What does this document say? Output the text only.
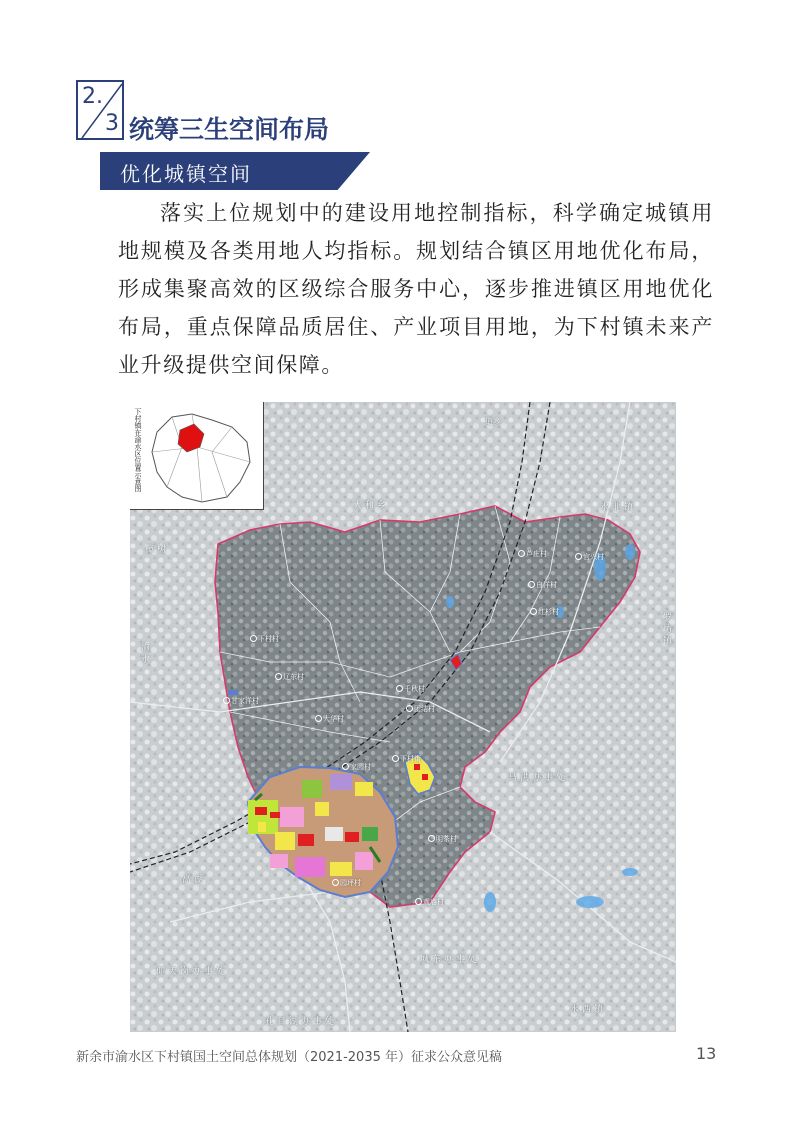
2.
3 统筹三生空间布局
优化城镇空间
落实上位规划中的建设用地控制指标，科学确定城镇用地规模及各类用地人均指标。规划结合镇区用地优化布局，形成集聚高效的区级综合服务中心，逐步推进镇区用地优化布局，重点保障品质居住、产业项目用地，为下村镇未来产业升级提供空间保障。
下村镇在渝水区位置示意图
大和乡	水北镇
罗坊镇
马洪办事处
城东办事处
水西镇
仰天岗办事处
孔目湖办事处
道乡
樟树
渝水
高湖
下村村
辽东村
大华村
甘家洋村
千秋村
下村街
明茶村
白洋村
红杉村
官兴村
芦庄村
团结村
园坪村
观庙村
家园村
新余市渝水区下村镇国土空间总体规划（2021-2035 年）征求公众意见稿	13
